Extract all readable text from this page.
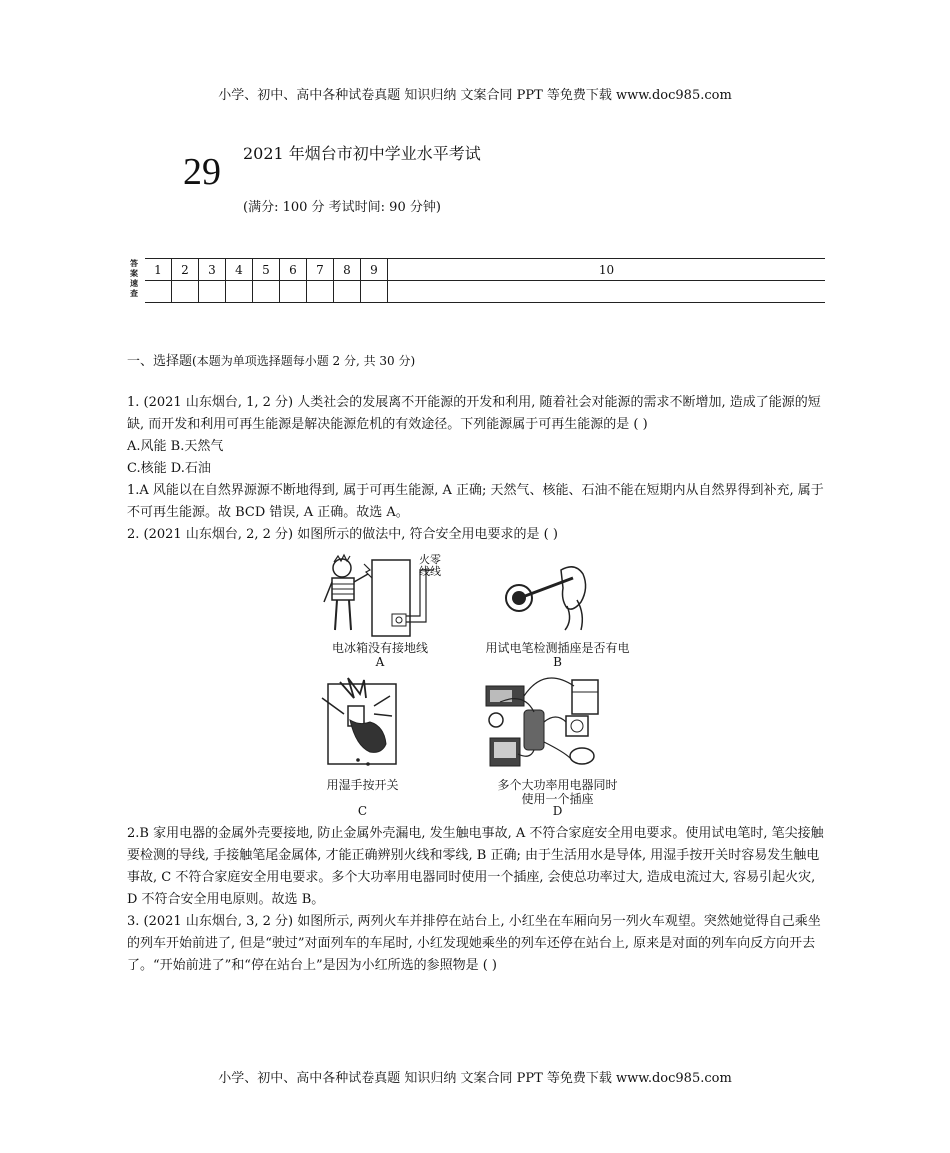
小学、初中、高中各种试卷真题 知识归纳 文案合同 PPT 等免费下载 www.doc985.com
29 2021 年烟台市初中学业水平考试
(满分: 100 分 考试时间: 90 分钟)
答 案 速 查
1	2	3	4	5	6	7	8	9	10

一、选择题(本题为单项选择题每小题 2 分, 共 30 分)
1. (2021 山东烟台, 1, 2 分) 人类社会的发展离不开能源的开发和利用, 随着社会对能源的需求不断增加, 造成了能源的短缺, 而开发和利用可再生能源是解决能源危机的有效途径。下列能源属于可再生能源的是 ( )
A.风能 B.天然气
C.核能 D.石油
1.A 风能以在自然界源源不断地得到, 属于可再生能源, A 正确; 天然气、核能、石油不能在短期内从自然界得到补充, 属于不可再生能源。故 BCD 错误, A 正确。故选 A。
2. (2021 山东烟台, 2, 2 分) 如图所示的做法中, 符合安全用电要求的是 ( )
火零
线线
电冰箱没有接地线
A
用试电笔检测插座是否有电
B
用湿手按开关
C
多个大功率用电器同时
使用一个插座
D
2.B 家用电器的金属外壳要接地, 防止金属外壳漏电, 发生触电事故, A 不符合家庭安全用电要求。使用试电笔时, 笔尖接触要检测的导线, 手接触笔尾金属体, 才能正确辨别火线和零线, B 正确; 由于生活用水是导体, 用湿手按开关时容易发生触电事故, C 不符合家庭安全用电要求。多个大功率用电器同时使用一个插座, 会使总功率过大, 造成电流过大, 容易引起火灾, D 不符合安全用电原则。故选 B。
3. (2021 山东烟台, 3, 2 分) 如图所示, 两列火车并排停在站台上, 小红坐在车厢向另一列火车观望。突然她觉得自己乘坐的列车开始前进了, 但是“驶过”对面列车的车尾时, 小红发现她乘坐的列车还停在站台上, 原来是对面的列车向反方向开去了。“开始前进了”和“停在站台上”是因为小红所选的参照物是 ( )
小学、初中、高中各种试卷真题 知识归纳 文案合同 PPT 等免费下载 www.doc985.com
